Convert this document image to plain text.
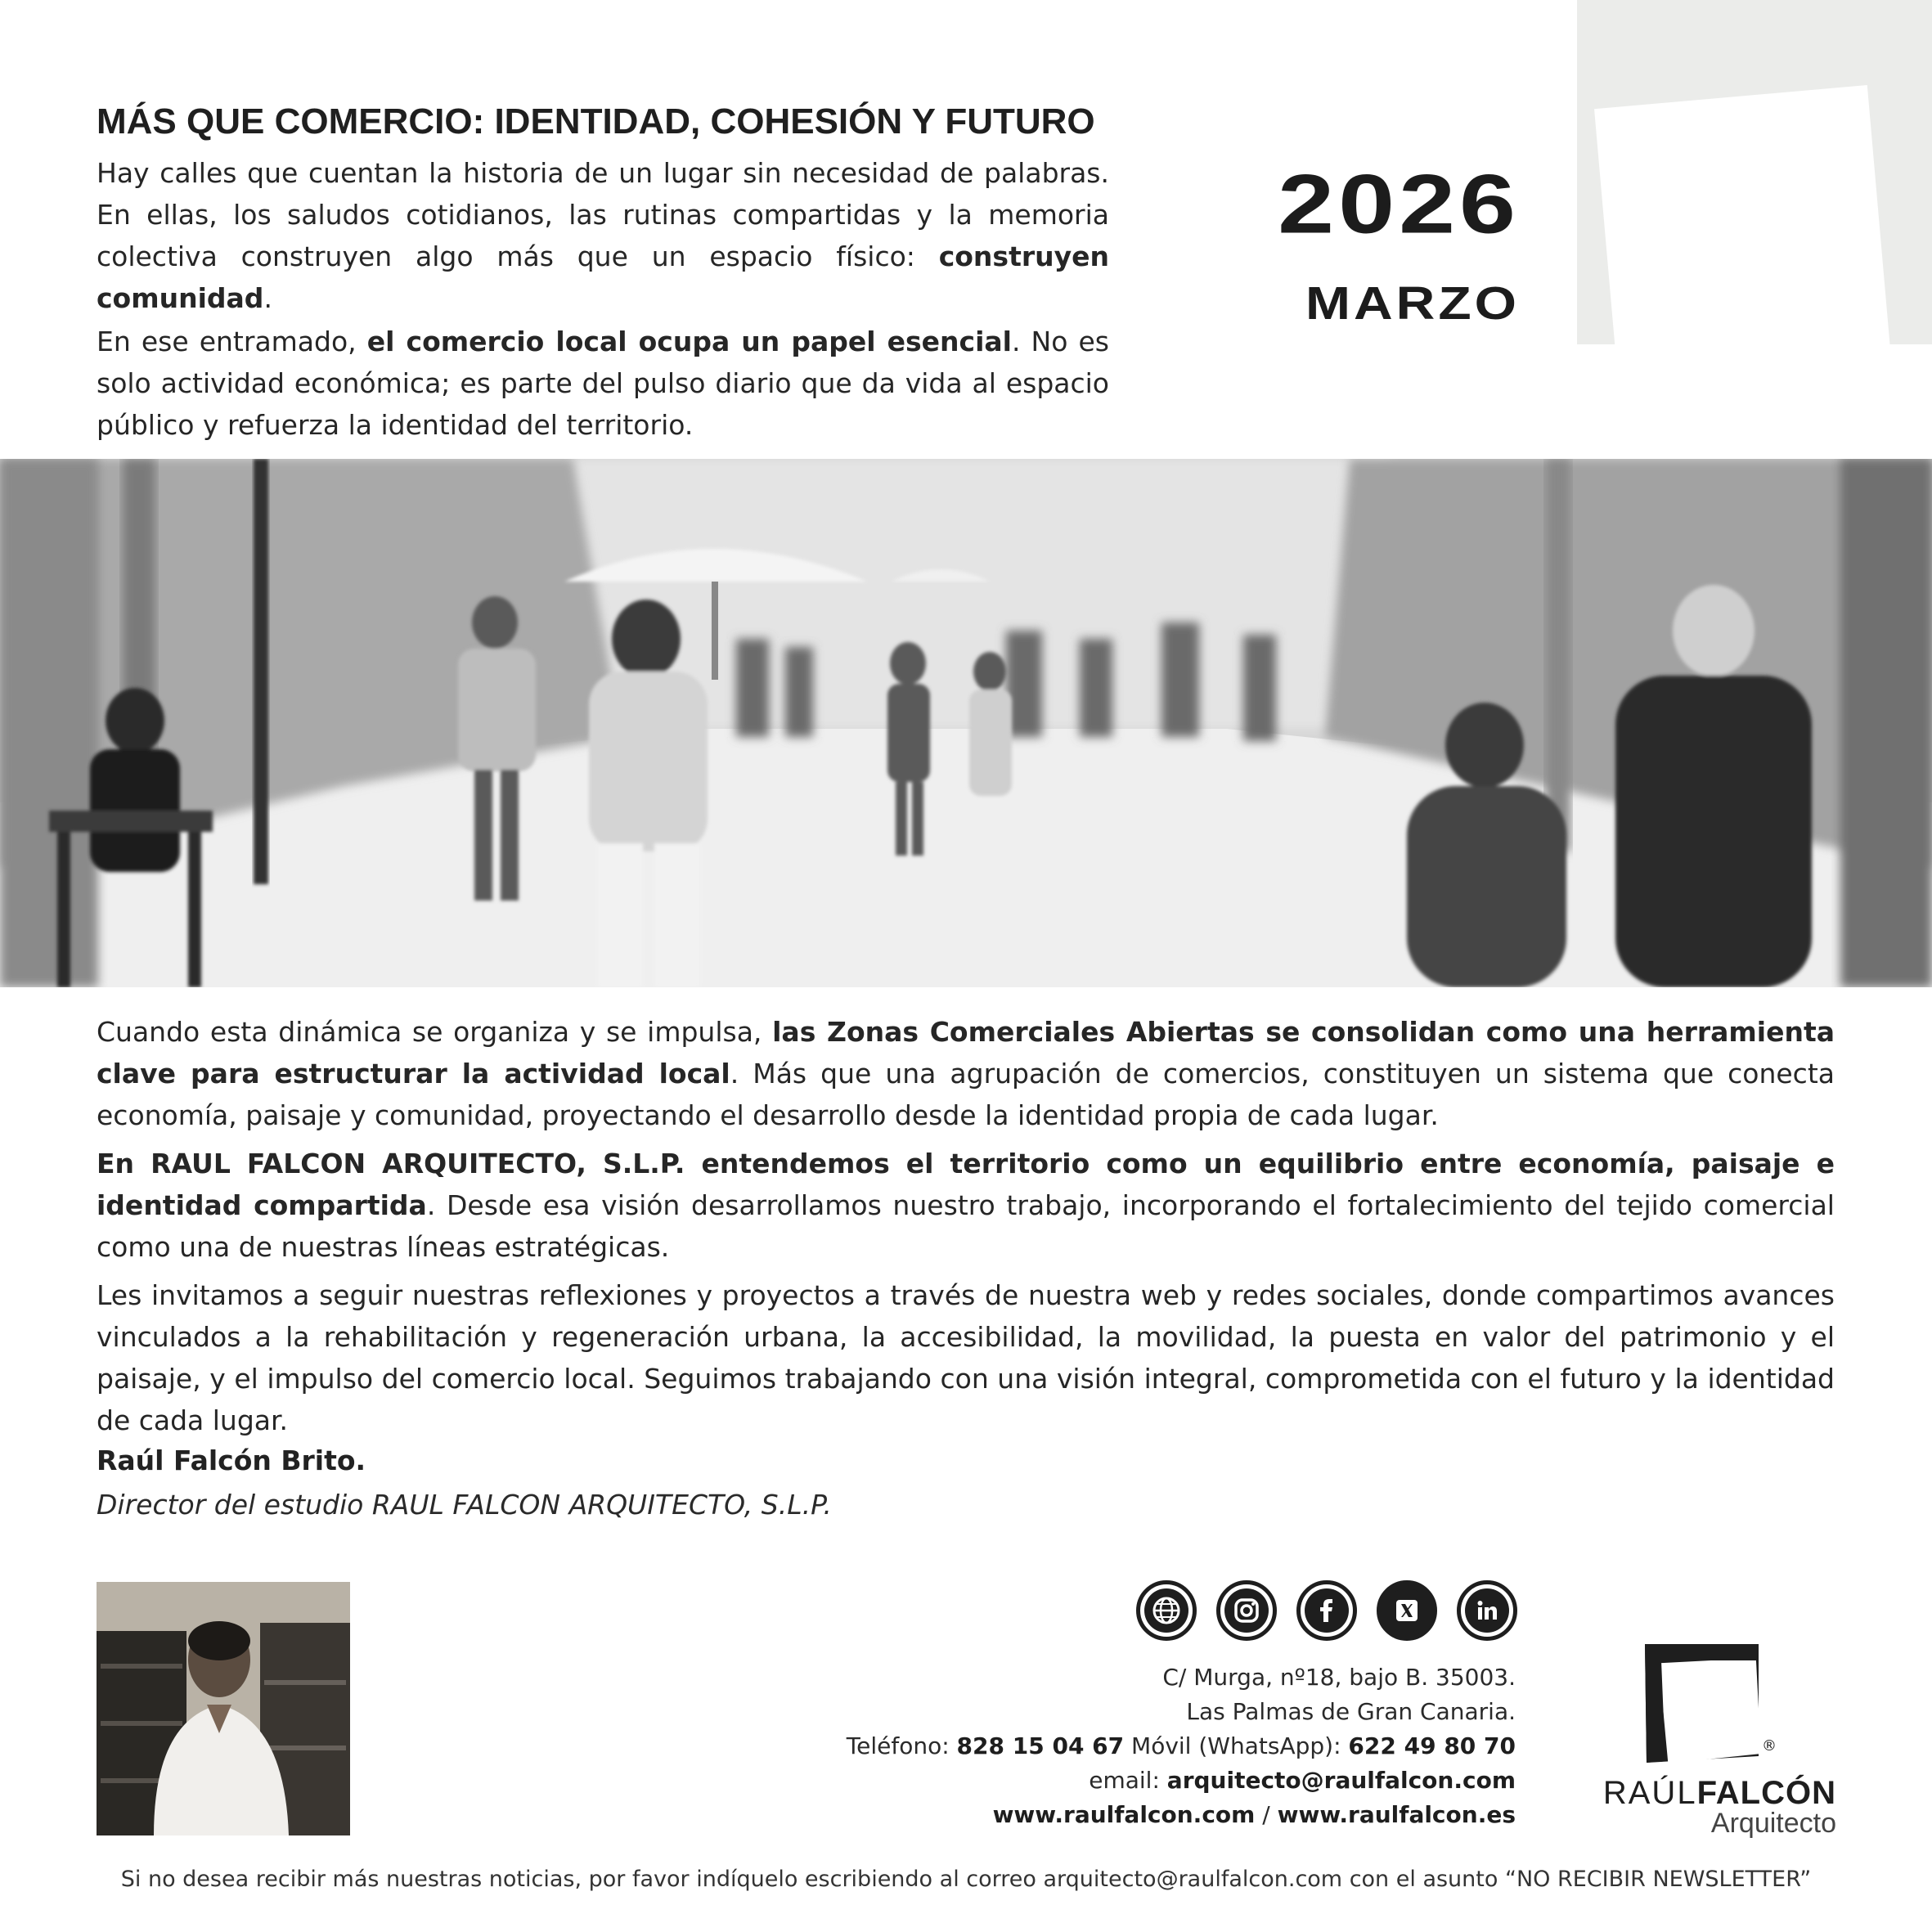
MÁS QUE COMERCIO: IDENTIDAD, COHESIÓN Y FUTURO
2026
MARZO

Hay calles que cuentan la historia de un lugar sin necesidad de palabras. En ellas, los saludos cotidianos, las rutinas compartidas y la memoria colectiva construyen algo más que un espacio físico: construyen comunidad.

En ese entramado, el comercio local ocupa un papel esencial. No es solo actividad económica; es parte del pulso diario que da vida al espacio público y refuerza la identidad del territorio.

Cuando esta dinámica se organiza y se impulsa, las Zonas Comerciales Abiertas se consolidan como una herramienta clave para estructurar la actividad local. Más que una agrupación de comercios, constituyen un sistema que conecta economía, paisaje y comunidad, proyectando el desarrollo desde la identidad propia de cada lugar.

En RAUL FALCON ARQUITECTO, S.L.P. entendemos el territorio como un equilibrio entre economía, paisaje e identidad compartida. Desde esa visión desarrollamos nuestro trabajo, incorporando el fortalecimiento del tejido comercial como una de nuestras líneas estratégicas.

Les invitamos a seguir nuestras reflexiones y proyectos a través de nuestra web y redes sociales, donde compartimos avances vinculados a la rehabilitación y regeneración urbana, la accesibilidad, la movilidad, la puesta en valor del patrimonio y el paisaje, y el impulso del comercio local. Seguimos trabajando con una visión integral, comprometida con el futuro y la identidad de cada lugar.

Raúl Falcón Brito.

Director del estudio RAUL FALCON ARQUITECTO, S.L.P.

C/ Murga, nº18, bajo B. 35003.
Las Palmas de Gran Canaria.
Teléfono: 828 15 04 67 Móvil (WhatsApp): 622 49 80 70
email: arquitecto@raulfalcon.com
www.raulfalcon.com / www.raulfalcon.es

®

RAÚLFALCÓN

Arquitecto

Si no desea recibir más nuestras noticias, por favor indíquelo escribiendo al correo arquitecto@raulfalcon.com con el asunto “NO RECIBIR NEWSLETTER”
